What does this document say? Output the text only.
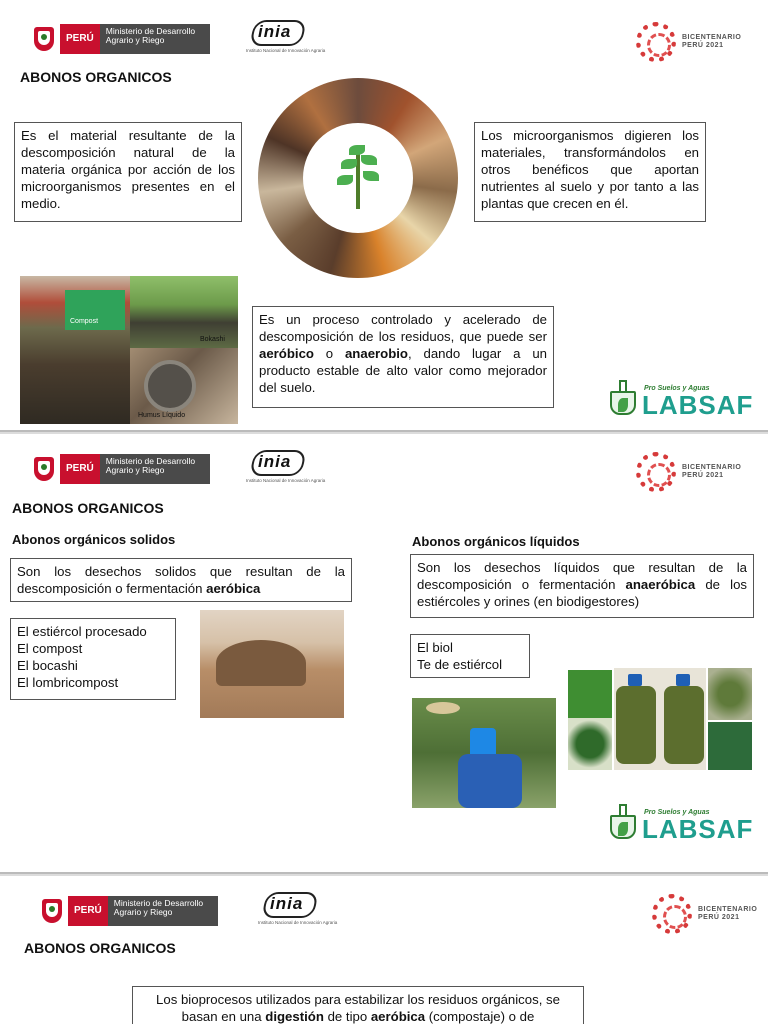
PERÚ
Ministerio de Desarrollo Agrario y Riego	inia
Instituto Nacional de Innovación Agraria
BICENTENARIO
PERÚ 2021
ABONOS ORGANICOS
Es el material resultante de la descomposición natural de la materia orgánica por acción de los microorganismos presentes en el medio.
Los microorganismos digieren los materiales, transformándolos en otros benéficos que aportan nutrientes al suelo y por tanto a las plantas que crecen en él.
Compost
Bokashi
Humus Líquido
Es un proceso controlado y acelerado de descomposición de los residuos, que puede ser aeróbico o anaerobio, dando lugar a un producto estable de alto valor como mejorador del suelo.	Pro Suelos y Aguas
LABSAF
PERÚ
Ministerio de Desarrollo Agrario y Riego	inia
Instituto Nacional de Innovación Agraria
BICENTENARIO
PERÚ 2021
ABONOS ORGANICOS
Abonos orgánicos solidos
Son los desechos solidos que resultan de la descomposición o fermentación aeróbica
El estiércol procesado
El compost
El bocashi
El lombricompost
Abonos orgánicos líquidos
Son los desechos líquidos que resultan de la descomposición o fermentación anaeróbica de los estiércoles y orines (en biodigestores)
El biol
Te de estiércol
Pro Suelos y Aguas
LABSAF
PERÚ
Ministerio de Desarrollo Agrario y Riego	inia
Instituto Nacional de Innovación Agraria
BICENTENARIO
PERÚ 2021
ABONOS ORGANICOS
Los bioprocesos utilizados para estabilizar los residuos orgánicos, se basan en una digestión de tipo aeróbica (compostaje) o de
